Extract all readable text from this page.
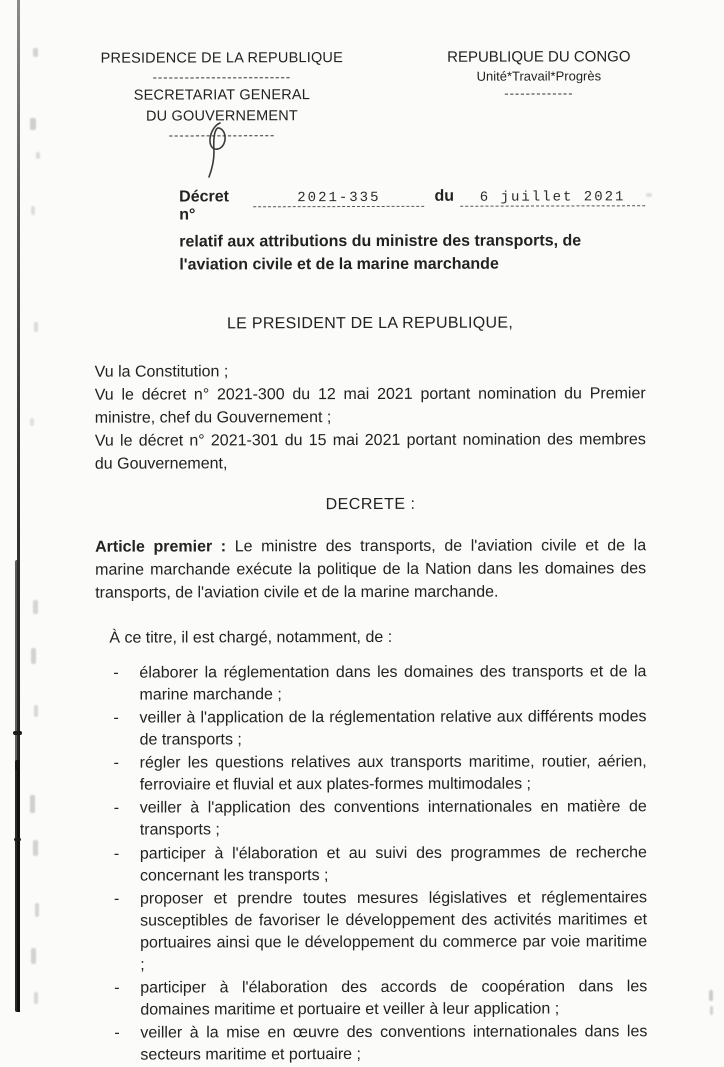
PRESIDENCE DE LA REPUBLIQUE
--------------------------
SECRETARIAT GENERAL
DU GOUVERNEMENT
--------------------
REPUBLIQUE DU CONGO
Unité*Travail*Progrès
-------------
Décret n°
2021-335	du	6 juillet 2021

relatif aux attributions du ministre des transports, de l'aviation civile et de la marine marchande

LE PRESIDENT DE LA REPUBLIQUE,

Vu la Constitution ;

Vu le décret n° 2021-300 du 12 mai 2021 portant nomination du Premier ministre, chef du Gouvernement ;

Vu le décret n° 2021-301 du 15 mai 2021 portant nomination des membres du Gouvernement,

DECRETE :

Article premier : Le ministre des transports, de l'aviation civile et de la marine marchande exécute la politique de la Nation dans les domaines des transports, de l'aviation civile et de la marine marchande.

À ce titre, il est chargé, notamment, de :

-	élaborer la réglementation dans les domaines des transports et de la marine marchande ;
-	veiller à l'application de la réglementation relative aux différents modes de transports ;
-	régler les questions relatives aux transports maritime, routier, aérien, ferroviaire et fluvial et aux plates-formes multimodales ;
-	veiller à l'application des conventions internationales en matière de transports ;
-	participer à l'élaboration et au suivi des programmes de recherche concernant les transports ;
-	proposer et prendre toutes mesures législatives et réglementaires susceptibles de favoriser le développement des activités maritimes et portuaires ainsi que le développement du commerce par voie maritime ;
-	participer à l'élaboration des accords de coopération dans les domaines maritime et portuaire et veiller à leur application ;
-	veiller à la mise en œuvre des conventions internationales dans les secteurs maritime et portuaire ;
